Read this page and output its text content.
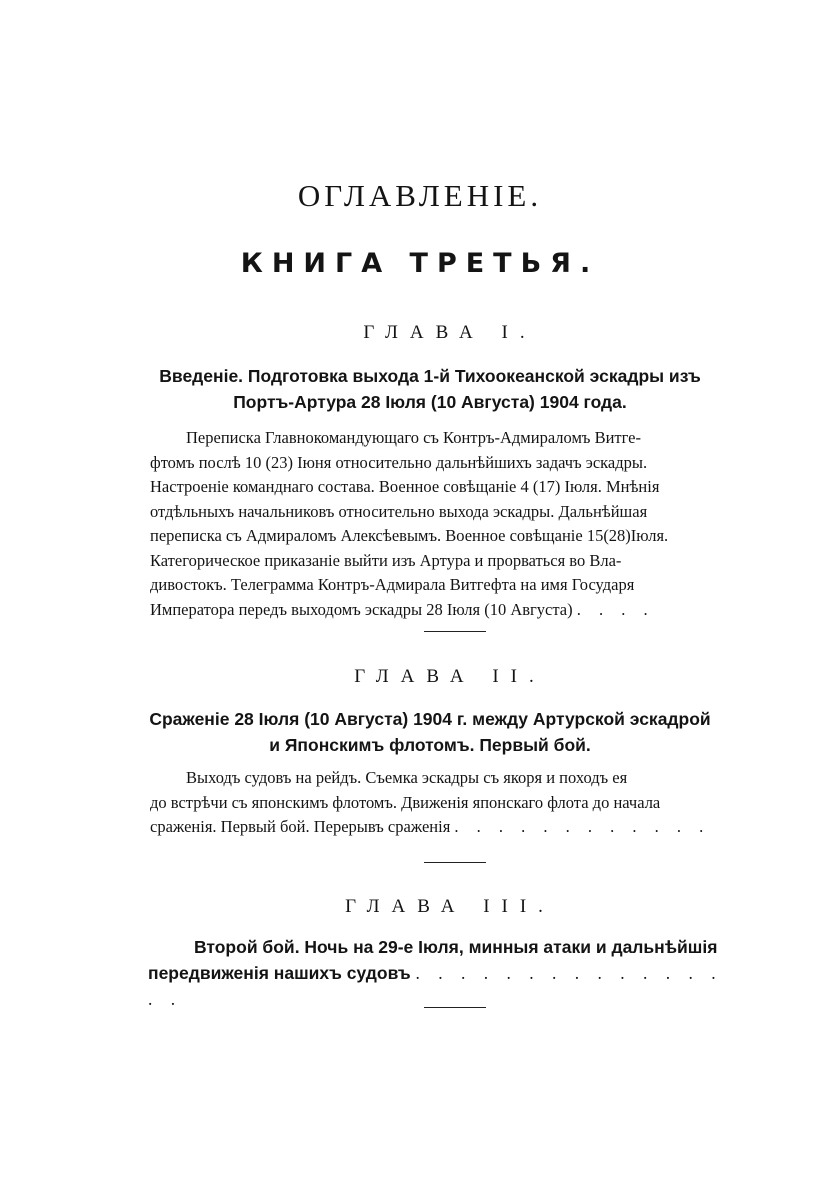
ОГЛАВЛЕНІЕ.
КНИГА ТРЕТЬЯ.
ГЛАВА I.
Введеніе. Подготовка выхода 1-й Тихоокеанской эскадры изъ
Портъ-Артура 28 Іюля (10 Августа) 1904 года.
Переписка Главнокомандующаго съ Контръ-Адмираломъ Витге-
фтомъ послѣ 10 (23) Іюня относительно дальнѣйшихъ задачъ эскадры.
Настроеніе команднаго состава. Военное совѣщаніе 4 (17) Іюля. Мнѣнія
отдѣльныхъ начальниковъ относительно выхода эскадры. Дальнѣйшая
переписка съ Адмираломъ Алексѣевымъ. Военное совѣщаніе 15(28)Іюля.
Категорическое приказаніе выйти изъ Артура и прорваться во Вла-
дивостокъ. Телеграмма Контръ-Адмирала Витгефта на имя Государя
Императора передъ выходомъ эскадры 28 Іюля (10 Августа) . . . .
ГЛАВА II.
Сраженіе 28 Іюля (10 Августа) 1904 г. между Артурской эскадрой
и Японскимъ флотомъ. Первый бой.
Выходъ судовъ на рейдъ. Съемка эскадры съ якоря и походъ ея
до встрѣчи съ японскимъ флотомъ. Движенія японскаго флота до начала
сраженія. Первый бой. Перерывъ сраженія . . . . . . . . . . . .
ГЛАВА III.
Второй бой. Ночь на 29-е Іюля, минныя атаки и дальнѣйшія
передвиженія нашихъ судовъ . . . . . . . . . . . . . . . .
